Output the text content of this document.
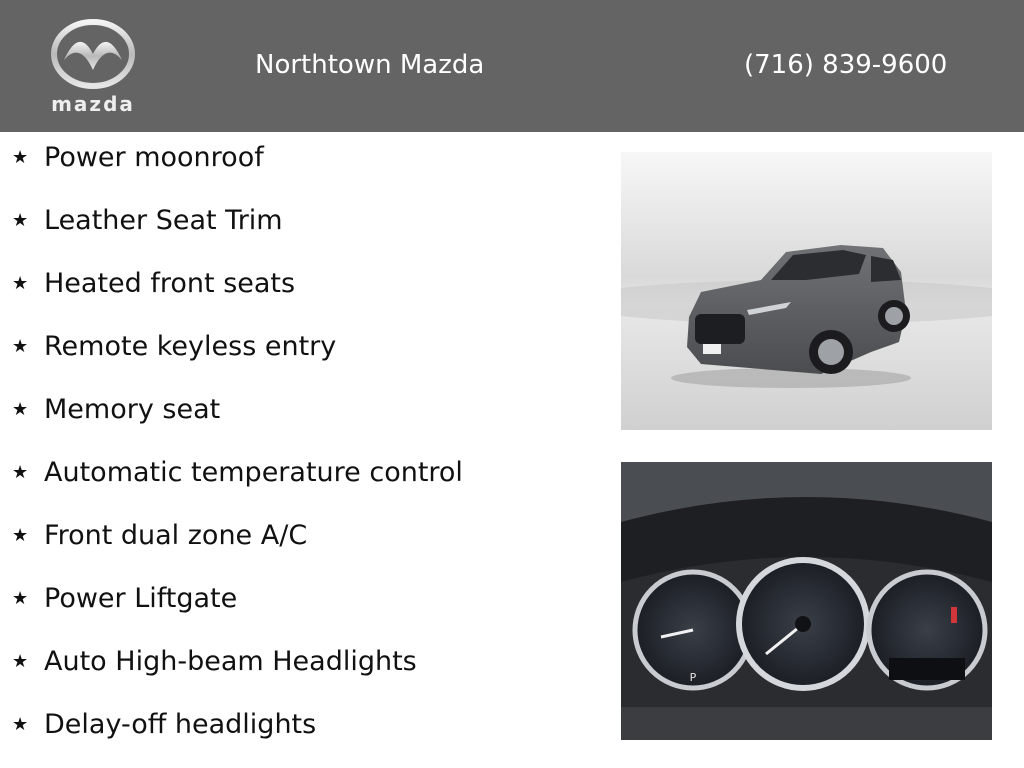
mazda
Northtown Mazda	(716) 839-9600
★ Power moonroof
★ Leather Seat Trim
★ Heated front seats
★ Remote keyless entry
★ Memory seat
★ Automatic temperature control
★ Front dual zone A/C
★ Power Liftgate
★ Auto High-beam Headlights
★ Delay-off headlights
P
